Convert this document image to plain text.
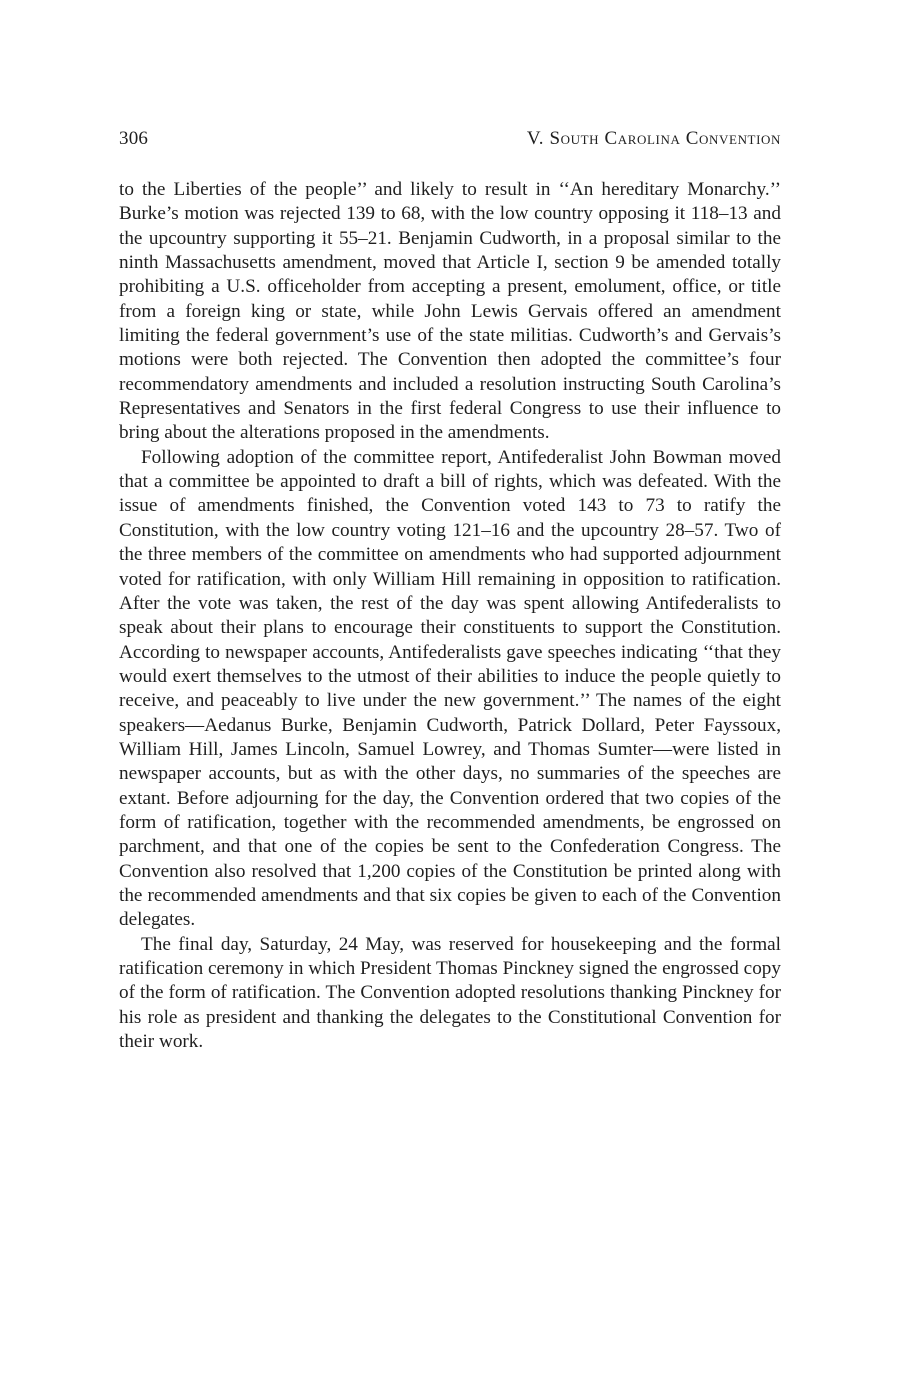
306	V. South Carolina Convention

to the Liberties of the people’’ and likely to result in ‘‘An hereditary Monarchy.’’ Burke’s motion was rejected 139 to 68, with the low country opposing it 118–13 and the upcountry supporting it 55–21. Benjamin Cudworth, in a proposal similar to the ninth Massachusetts amendment, moved that Article I, section 9 be amended totally prohibiting a U.S. officeholder from accepting a present, emolument, office, or title from a foreign king or state, while John Lewis Gervais offered an amendment limiting the federal government’s use of the state militias. Cudworth’s and Gervais’s motions were both rejected. The Convention then adopted the committee’s four recommendatory amendments and included a resolution instructing South Carolina’s Representatives and Senators in the first federal Congress to use their influence to bring about the alterations proposed in the amendments.

Following adoption of the committee report, Antifederalist John Bowman moved that a committee be appointed to draft a bill of rights, which was defeated. With the issue of amendments finished, the Convention voted 143 to 73 to ratify the Constitution, with the low country voting 121–16 and the upcountry 28–57. Two of the three members of the committee on amendments who had supported adjournment voted for ratification, with only William Hill remaining in opposition to ratification. After the vote was taken, the rest of the day was spent allowing Antifederalists to speak about their plans to encourage their constituents to support the Constitution. According to newspaper accounts, Antifederalists gave speeches indicating ‘‘that they would exert themselves to the utmost of their abilities to induce the people quietly to receive, and peaceably to live under the new government.’’ The names of the eight speakers—Aedanus Burke, Benjamin Cudworth, Patrick Dollard, Peter Fayssoux, William Hill, James Lincoln, Samuel Lowrey, and Thomas Sumter—were listed in newspaper accounts, but as with the other days, no summaries of the speeches are extant. Before adjourning for the day, the Convention ordered that two copies of the form of ratification, together with the recommended amendments, be engrossed on parchment, and that one of the copies be sent to the Confederation Congress. The Convention also resolved that 1,200 copies of the Constitution be printed along with the recommended amendments and that six copies be given to each of the Convention delegates.

The final day, Saturday, 24 May, was reserved for housekeeping and the formal ratification ceremony in which President Thomas Pinckney signed the engrossed copy of the form of ratification. The Convention adopted resolutions thanking Pinckney for his role as president and thanking the delegates to the Constitutional Convention for their work.
